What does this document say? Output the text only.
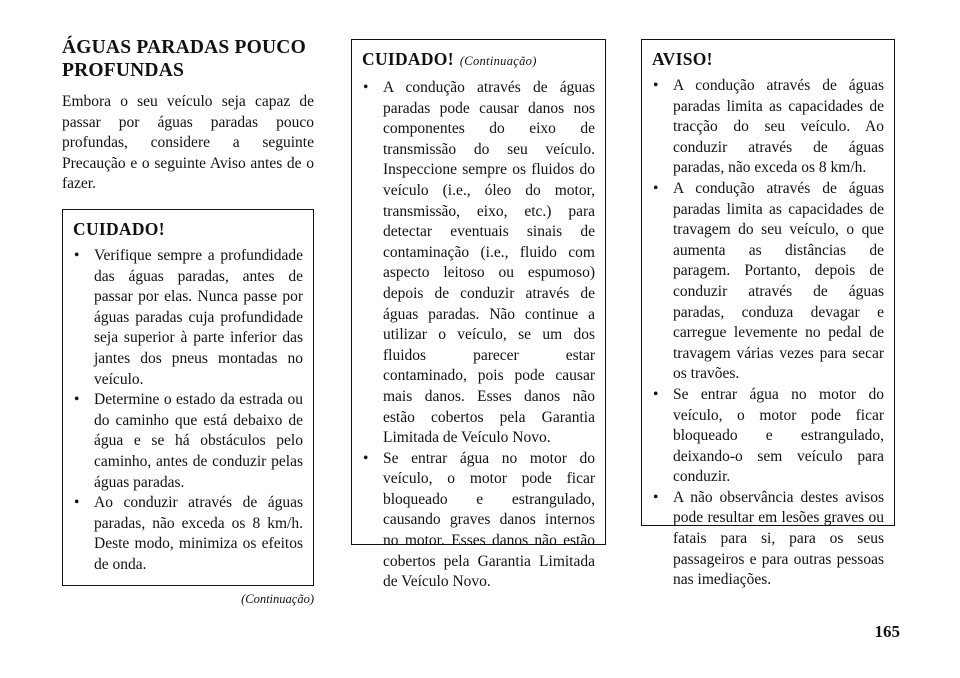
ÁGUAS PARADAS POUCO PROFUNDAS

Embora o seu veículo seja capaz de passar por águas paradas pouco profundas, considere a seguinte Precaução e o seguinte Aviso antes de o fazer.

CUIDADO!
• Verifique sempre a profundidade das águas paradas, antes de passar por elas. Nunca passe por águas paradas cuja profundidade seja superior à parte inferior das jantes dos pneus montadas no veículo.
• Determine o estado da estrada ou do caminho que está debaixo de água e se há obstáculos pelo caminho, antes de conduzir pelas águas paradas.
• Ao conduzir através de águas paradas, não exceda os 8 km/h. Deste modo, minimiza os efeitos de onda.
(Continuação)
CUIDADO! (Continuação)
• A condução através de águas paradas pode causar danos nos componentes do eixo de transmissão do seu veículo. Inspeccione sempre os fluidos do veículo (i.e., óleo do motor, transmissão, eixo, etc.) para detectar eventuais sinais de contaminação (i.e., fluido com aspecto leitoso ou espumoso) depois de conduzir através de águas paradas. Não continue a utilizar o veículo, se um dos fluidos parecer estar contaminado, pois pode causar mais danos. Esses danos não estão cobertos pela Garantia Limitada de Veículo Novo.
• Se entrar água no motor do veículo, o motor pode ficar bloqueado e estrangulado, causando graves danos internos no motor. Esses danos não estão cobertos pela Garantia Limitada de Veículo Novo.
AVISO!
• A condução através de águas paradas limita as capacidades de tracção do seu veículo. Ao conduzir através de águas paradas, não exceda os 8 km/h.
• A condução através de águas paradas limita as capacidades de travagem do seu veículo, o que aumenta as distâncias de paragem. Portanto, depois de conduzir através de águas paradas, conduza devagar e carregue levemente no pedal de travagem várias vezes para secar os travões.
• Se entrar água no motor do veículo, o motor pode ficar bloqueado e estrangulado, deixando-o sem veículo para conduzir.
• A não observância destes avisos pode resultar em lesões graves ou fatais para si, para os seus passageiros e para outras pessoas nas imediações.
165
